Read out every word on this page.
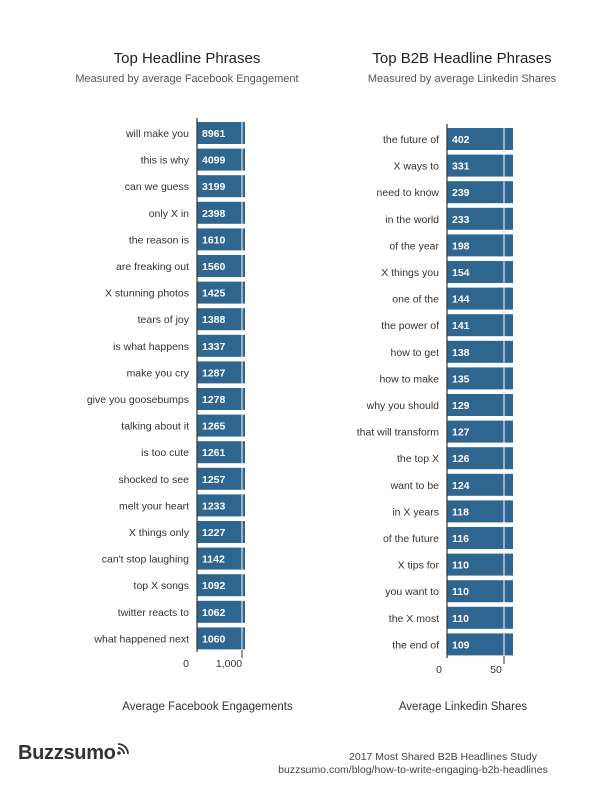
Top Headline Phrases
Measured by average Facebook Engagement
Top B2B Headline Phrases
Measured by average Linkedin Shares
8961
will make you
4099
this is why
3199
can we guess
2398
only X in
1610
the reason is
1560
are freaking out
1425
X stunning photos
1388
tears of joy
1337
is what happens
1287
make you cry
1278
give you goosebumps
1265
talking about it
1261
is too cute
1257
shocked to see
1233
melt your heart
1227
X things only
1142
can't stop laughing
1092
top X songs
1062
twitter reacts to
1060
what happened next
0	1,000
402
the future of
331
X ways to
239
need to know
233
in the world
198
of the year
154
X things you
144
one of the
141
the power of
138
how to get
135
how to make
129
why you should
127
that will transform
126
the top X
124
want to be
118
in X years
116
of the future
110
X tips for
110
you want to
110
the X most
109
the end of
0	50
Average Facebook Engagements	Average Linkedin Shares
Buzzsumo	2017 Most Shared B2B Headlines Study
buzzsumo.com/blog/how-to-write-engaging-b2b-headlines
